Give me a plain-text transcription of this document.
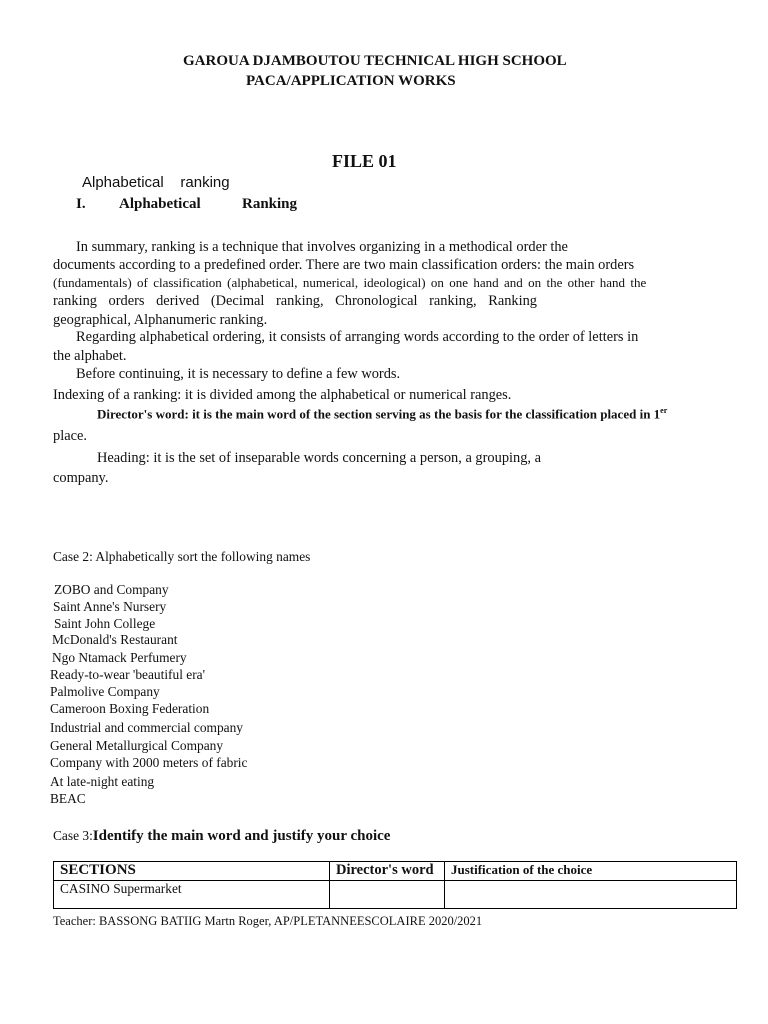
GAROUA DJAMBOUTOU TECHNICAL HIGH SCHOOL
PACA/APPLICATION WORKS
FILE 01
Alphabetical    ranking
I. Alphabetical	Ranking
In summary, ranking is a technique that involves organizing in a methodical order the
documents according to a predefined order. There are two main classification orders: the main orders
(fundamentals) of classification (alphabetical, numerical, ideological) on one hand and on the other hand the
ranking orders derived (Decimal ranking, Chronological ranking, Ranking
geographical, Alphanumeric ranking.
Regarding alphabetical ordering, it consists of arranging words according to the order of letters in
the alphabet.
Before continuing, it is necessary to define a few words.
Indexing of a ranking: it is divided among the alphabetical or numerical ranges.
Director's word: it is the main word of the section serving as the basis for the classification placed in 1er
place.
Heading: it is the set of inseparable words concerning a person, a grouping, a
company.
Case 2: Alphabetically sort the following names
ZOBO and Company
Saint Anne's Nursery
Saint John College
McDonald's Restaurant
Ngo Ntamack Perfumery
Ready-to-wear 'beautiful era'
Palmolive Company
Cameroon Boxing Federation
Industrial and commercial company
General Metallurgical Company
Company with 2000 meters of fabric
At late-night eating
BEAC
Case 3:Identify the main word and justify your choice
SECTIONS	Director's word	Justification of the choice
CASINO Supermarket		
Teacher: BASSONG BATIIG Martn Roger, AP/PLETANNEESCOLAIRE 2020/2021
